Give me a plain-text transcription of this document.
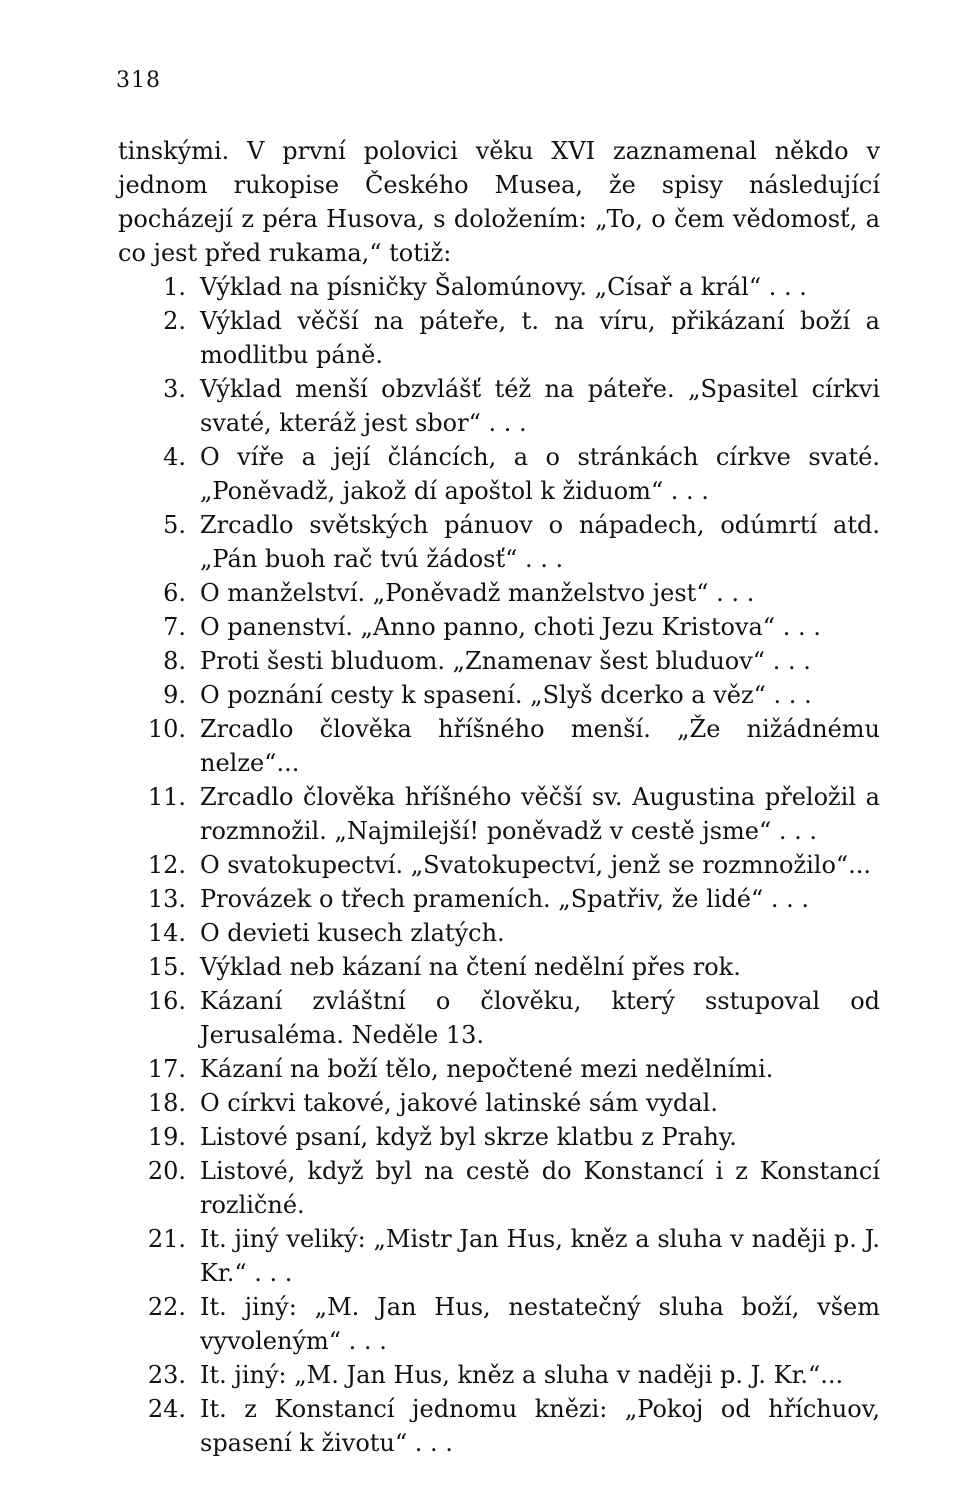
318

tinskými. V první polovici věku XVI zaznamenal někdo v jednom rukopise Českého Musea, že spisy následující pocházejí z péra Husova, s doložením: „To, o čem vědomosť, a co jest před rukama,“ totiž:

1. Výklad na písničky Šalomúnovy. „Císař a král“ . . .
2. Výklad věčší na páteře, t. na víru, přikázaní boží a modlitbu páně.
3. Výklad menší obzvlášť též na páteře. „Spasitel církvi svaté, kteráž jest sbor“ . . .
4. O víře a její článcích, a o stránkách církve svaté. „Poněvadž, jakož dí apoštol k židuom“ . . .
5. Zrcadlo světských pánuov o nápadech, odúmrtí atd. „Pán buoh rač tvú žádosť“ . . .
6. O manželství. „Poněvadž manželstvo jest“ . . .
7. O panenství. „Anno panno, choti Jezu Kristova“ . . .
8. Proti šesti bluduom. „Znamenav šest bluduov“ . . .
9. O poznání cesty k spasení. „Slyš dcerko a věz“ . . .
10. Zrcadlo člověka hříšného menší. „Že nižádnému nelze“...
11. Zrcadlo člověka hříšného věčší sv. Augustina přeložil a rozmnožil. „Najmilejší! poněvadž v cestě jsme“ . . .
12. O svatokupectví. „Svatokupectví, jenž se rozmnožilo“...
13. Provázek o třech prameních. „Spatřiv, že lidé“ . . .
14. O devieti kusech zlatých.
15. Výklad neb kázaní na čtení nedělní přes rok.
16. Kázaní zvláštní o člověku, který sstupoval od Jerusaléma. Neděle 13.
17. Kázaní na boží tělo, nepočtené mezi nedělními.
18. O církvi takové, jakové latinské sám vydal.
19. Listové psaní, když byl skrze klatbu z Prahy.
20. Listové, když byl na cestě do Konstancí i z Konstancí rozličné.
21. It. jiný veliký: „Mistr Jan Hus, kněz a sluha v naději p. J. Kr.“ . . .
22. It. jiný: „M. Jan Hus, nestatečný sluha boží, všem vyvoleným“ . . .
23. It. jiný: „M. Jan Hus, kněz a sluha v naději p. J. Kr.“...
24. It. z Konstancí jednomu knězi: „Pokoj od hříchuov, spasení k životu“ . . .
